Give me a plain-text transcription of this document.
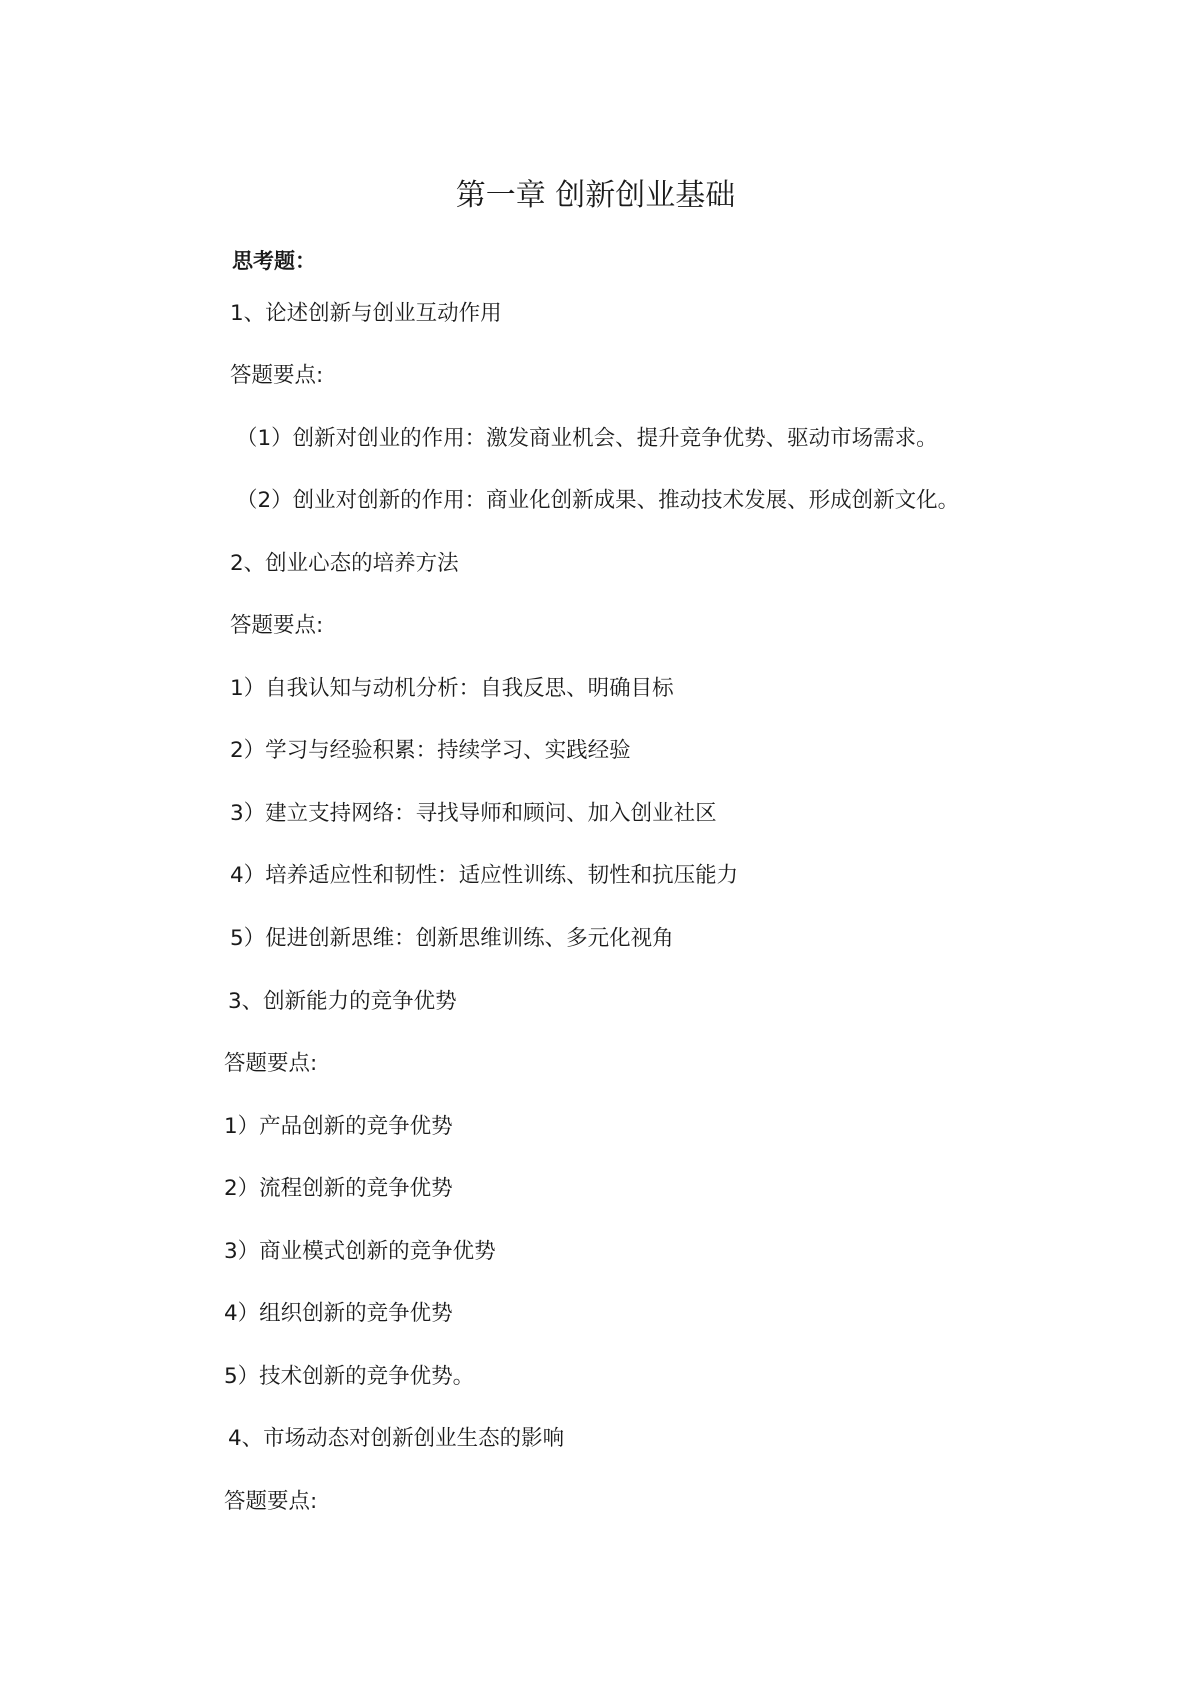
第一章 创新创业基础
思考题：
1、论述创新与创业互动作用
答题要点:
（1）创新对创业的作用：激发商业机会、提升竞争优势、驱动市场需求。
（2）创业对创新的作用：商业化创新成果、推动技术发展、形成创新文化。
2、创业心态的培养方法
答题要点:
1）自我认知与动机分析：自我反思、明确目标
2）学习与经验积累：持续学习、实践经验
3）建立支持网络：寻找导师和顾问、加入创业社区
4）培养适应性和韧性：适应性训练、韧性和抗压能力
5）促进创新思维：创新思维训练、多元化视角
3、创新能力的竞争优势
答题要点:
1）产品创新的竞争优势
2）流程创新的竞争优势
3）商业模式创新的竞争优势
4）组织创新的竞争优势
5）技术创新的竞争优势。
4、市场动态对创新创业生态的影响
答题要点:
